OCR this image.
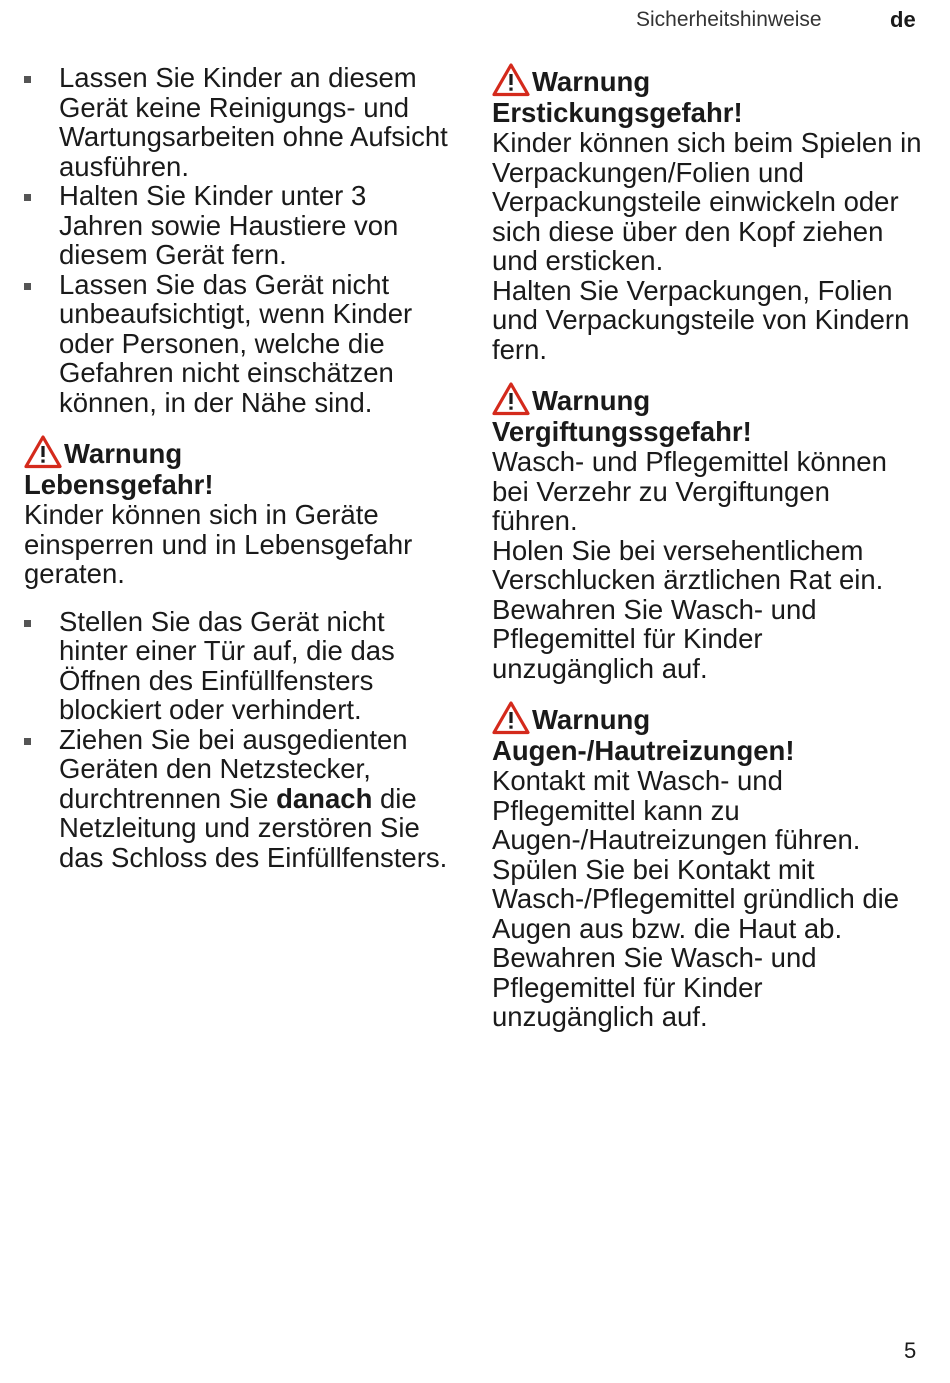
Sicherheitshinweise	de
Lassen Sie Kinder an diesem Gerät keine Reinigungs- und Wartungsarbeiten ohne Aufsicht ausführen.
Halten Sie Kinder unter 3 Jahren sowie Haustiere von diesem Gerät fern.
Lassen Sie das Gerät nicht unbeaufsichtigt, wenn Kinder oder Personen, welche die Gefahren nicht einschätzen können, in der Nähe sind.
Warnung
Lebensgefahr!

Kinder können sich in Geräte einsperren und in Lebensgefahr geraten.

Stellen Sie das Gerät nicht hinter einer Tür auf, die das Öffnen des Einfüllfensters blockiert oder verhindert.
Ziehen Sie bei ausgedienten Geräten den Netzstecker, durchtrennen Sie danach die Netzleitung und zerstören Sie das Schloss des Einfüllfensters.
Warnung
Erstickungsgefahr!

Kinder können sich beim Spielen in Verpackungen/Folien und Verpackungsteile einwickeln oder sich diese über den Kopf ziehen und ersticken.

Halten Sie Verpackungen, Folien und Verpackungsteile von Kindern fern.

Warnung
Vergiftungssgefahr!

Wasch- und Pflegemittel können bei Verzehr zu Vergiftungen führen.

Holen Sie bei versehentlichem Verschlucken ärztlichen Rat ein. Bewahren Sie Wasch- und Pflegemittel für Kinder unzugänglich auf.

Warnung
Augen-/Hautreizungen!

Kontakt mit Wasch- und Pflegemittel kann zu Augen-/Hautreizungen führen.

Spülen Sie bei Kontakt mit Wasch-/Pflegemittel gründlich die Augen aus bzw. die Haut ab. Bewahren Sie Wasch- und Pflegemittel für Kinder unzugänglich auf.

5
